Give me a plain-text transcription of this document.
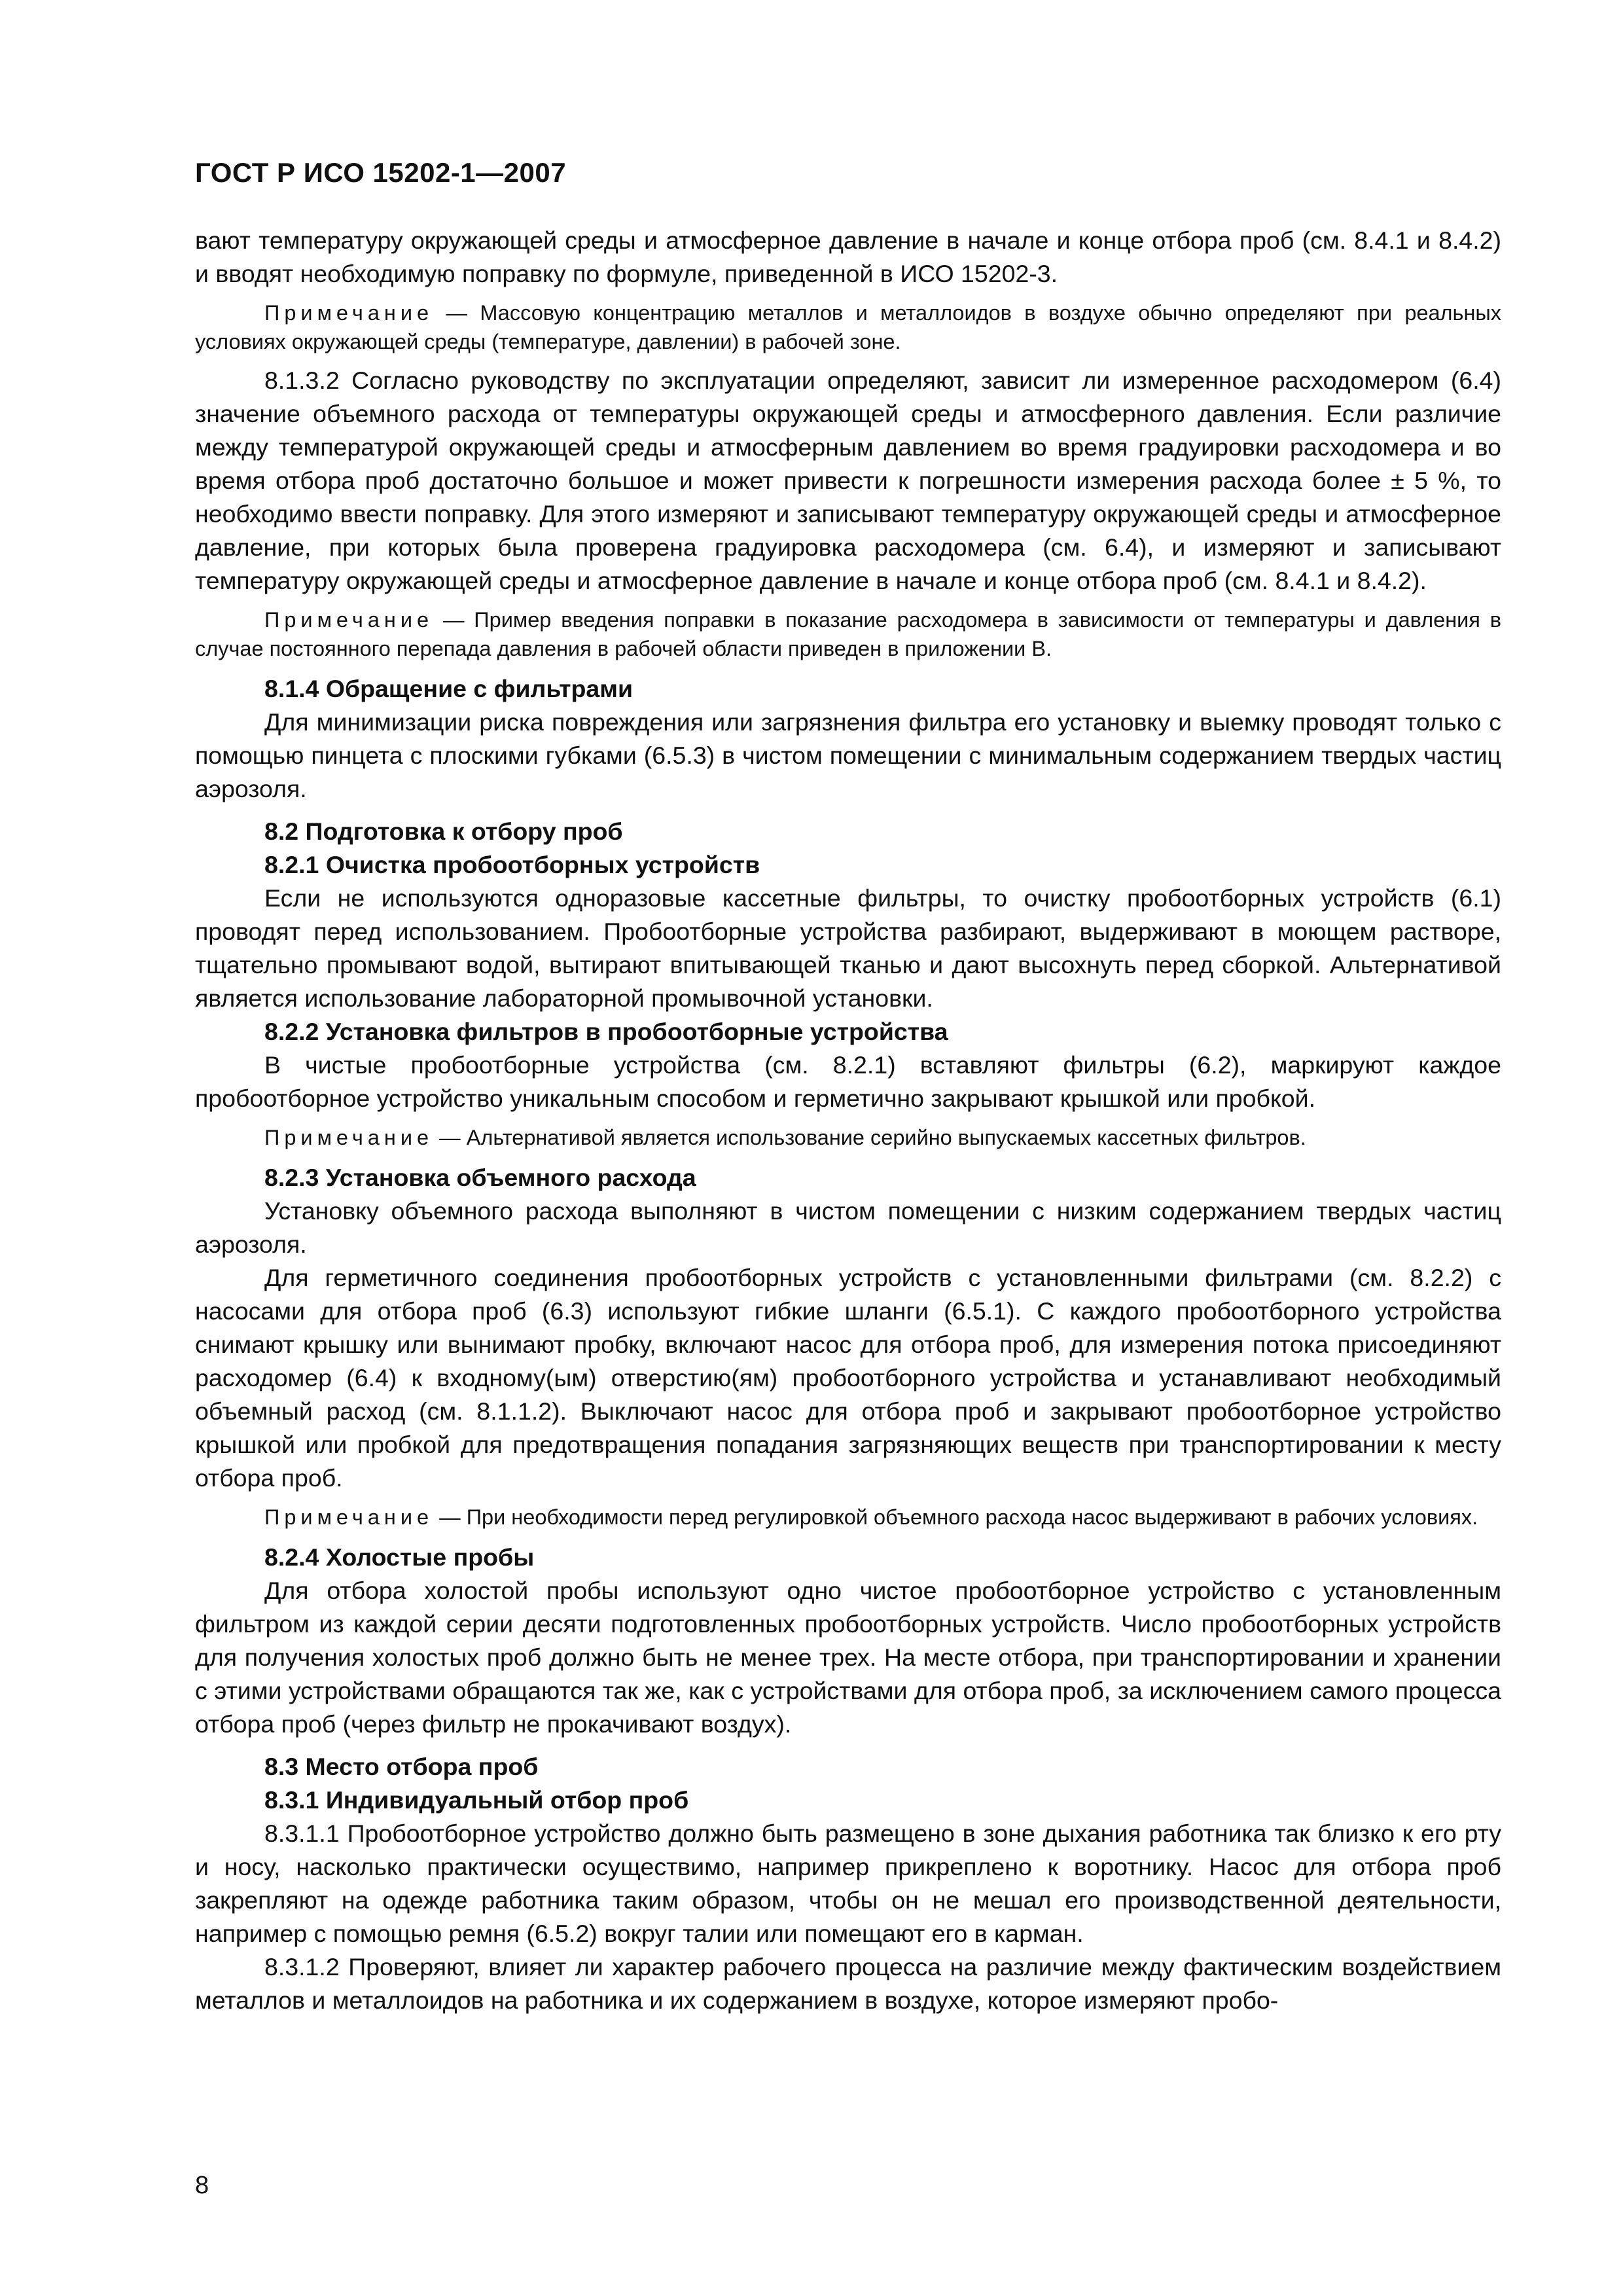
ГОСТ Р ИСО 15202-1—2007

вают температуру окружающей среды и атмосферное давление в начале и конце отбора проб (см. 8.4.1 и 8.4.2) и вводят необходимую поправку по формуле, приведенной в ИСО 15202-3.

Примечание — Массовую концентрацию металлов и металлоидов в воздухе обычно определяют при реальных условиях окружающей среды (температуре, давлении) в рабочей зоне.

8.1.3.2 Согласно руководству по эксплуатации определяют, зависит ли измеренное расходомером (6.4) значение объемного расхода от температуры окружающей среды и атмосферного давления. Если различие между температурой окружающей среды и атмосферным давлением во время градуировки расходомера и во время отбора проб достаточно большое и может привести к погрешности измерения расхода более ± 5 %, то необходимо ввести поправку. Для этого измеряют и записывают температуру окружающей среды и атмосферное давление, при которых была проверена градуировка расходомера (см. 6.4), и измеряют и записывают температуру окружающей среды и атмосферное давление в начале и конце отбора проб (см. 8.4.1 и 8.4.2).

Примечание — Пример введения поправки в показание расходомера в зависимости от температуры и давления в случае постоянного перепада давления в рабочей области приведен в приложении В.

8.1.4 Обращение с фильтрами

Для минимизации риска повреждения или загрязнения фильтра его установку и выемку проводят только с помощью пинцета с плоскими губками (6.5.3) в чистом помещении с минимальным содержанием твердых частиц аэрозоля.

8.2 Подготовка к отбору проб

8.2.1 Очистка пробоотборных устройств

Если не используются одноразовые кассетные фильтры, то очистку пробоотборных устройств (6.1) проводят перед использованием. Пробоотборные устройства разбирают, выдерживают в моющем растворе, тщательно промывают водой, вытирают впитывающей тканью и дают высохнуть перед сборкой. Альтернативой является использование лабораторной промывочной установки.

8.2.2 Установка фильтров в пробоотборные устройства

В чистые пробоотборные устройства (см. 8.2.1) вставляют фильтры (6.2), маркируют каждое пробоотборное устройство уникальным способом и герметично закрывают крышкой или пробкой.

Примечание — Альтернативой является использование серийно выпускаемых кассетных фильтров.

8.2.3 Установка объемного расхода

Установку объемного расхода выполняют в чистом помещении с низким содержанием твердых частиц аэрозоля.

Для герметичного соединения пробоотборных устройств с установленными фильтрами (см. 8.2.2) с насосами для отбора проб (6.3) используют гибкие шланги (6.5.1). С каждого пробоотборного устройства снимают крышку или вынимают пробку, включают насос для отбора проб, для измерения потока присоединяют расходомер (6.4) к входному(ым) отверстию(ям) пробоотборного устройства и устанавливают необходимый объемный расход (см. 8.1.1.2). Выключают насос для отбора проб и закрывают пробоотборное устройство крышкой или пробкой для предотвращения попадания загрязняющих веществ при транспортировании к месту отбора проб.

Примечание — При необходимости перед регулировкой объемного расхода насос выдерживают в рабочих условиях.

8.2.4 Холостые пробы

Для отбора холостой пробы используют одно чистое пробоотборное устройство с установленным фильтром из каждой серии десяти подготовленных пробоотборных устройств. Число пробоотборных устройств для получения холостых проб должно быть не менее трех. На месте отбора, при транспортировании и хранении с этими устройствами обращаются так же, как с устройствами для отбора проб, за исключением самого процесса отбора проб (через фильтр не прокачивают воздух).

8.3 Место отбора проб

8.3.1 Индивидуальный отбор проб

8.3.1.1 Пробоотборное устройство должно быть размещено в зоне дыхания работника так близко к его рту и носу, насколько практически осуществимо, например прикреплено к воротнику. Насос для отбора проб закрепляют на одежде работника таким образом, чтобы он не мешал его производственной деятельности, например с помощью ремня (6.5.2) вокруг талии или помещают его в карман.

8.3.1.2 Проверяют, влияет ли характер рабочего процесса на различие между фактическим воздействием металлов и металлоидов на работника и их содержанием в воздухе, которое измеряют пробо-

8
